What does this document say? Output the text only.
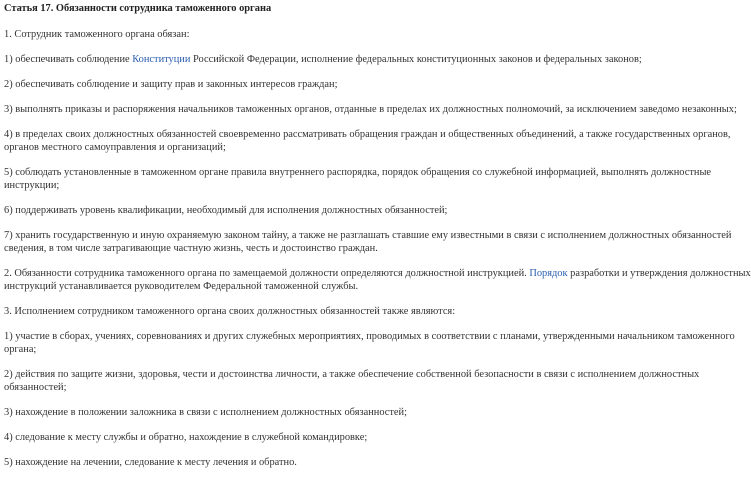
Статья 17. Обязанности сотрудника таможенного органа

1. Сотрудник таможенного органа обязан:

1) обеспечивать соблюдение Конституции Российской Федерации, исполнение федеральных конституционных законов и федеральных законов;

2) обеспечивать соблюдение и защиту прав и законных интересов граждан;

3) выполнять приказы и распоряжения начальников таможенных органов, отданные в пределах их должностных полномочий, за исключением заведомо незаконных;

4) в пределах своих должностных обязанностей своевременно рассматривать обращения граждан и общественных объединений, а также государственных органов,
органов местного самоуправления и организаций;

5) соблюдать установленные в таможенном органе правила внутреннего распорядка, порядок обращения со служебной информацией, выполнять должностные
инструкции;

6) поддерживать уровень квалификации, необходимый для исполнения должностных обязанностей;

7) хранить государственную и иную охраняемую законом тайну, а также не разглашать ставшие ему известными в связи с исполнением должностных обязанностей
сведения, в том числе затрагивающие частную жизнь, честь и достоинство граждан.

2. Обязанности сотрудника таможенного органа по замещаемой должности определяются должностной инструкцией. Порядок разработки и утверждения должностных
инструкций устанавливается руководителем Федеральной таможенной службы.

3. Исполнением сотрудником таможенного органа своих должностных обязанностей также являются:

1) участие в сборах, учениях, соревнованиях и других служебных мероприятиях, проводимых в соответствии с планами, утвержденными начальником таможенного
органа;

2) действия по защите жизни, здоровья, чести и достоинства личности, а также обеспечение собственной безопасности в связи с исполнением должностных
обязанностей;

3) нахождение в положении заложника в связи с исполнением должностных обязанностей;

4) следование к месту службы и обратно, нахождение в служебной командировке;

5) нахождение на лечении, следование к месту лечения и обратно.
